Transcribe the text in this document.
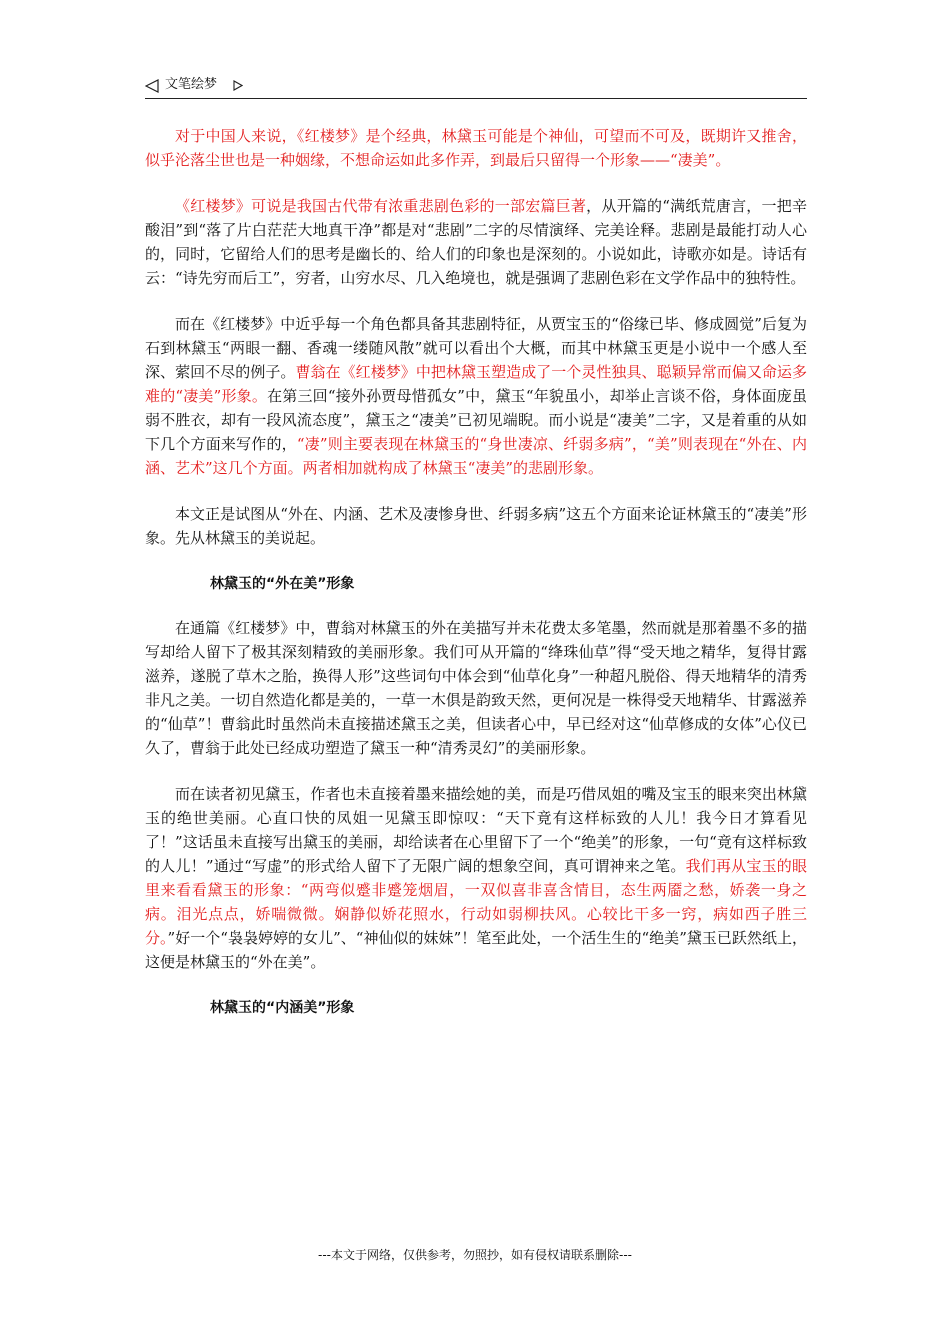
文笔绘梦

对于中国人来说，《红楼梦》是个经典，林黛玉可能是个神仙，可望而不可及，既期许又推舍，似乎沦落尘世也是一种姻缘，不想命运如此多作弄，到最后只留得一个形象——“凄美”。

《红楼梦》可说是我国古代带有浓重悲剧色彩的一部宏篇巨著，从开篇的“满纸荒唐言，一把辛酸泪”到“落了片白茫茫大地真干净”都是对“悲剧”二字的尽情演绎、完美诠释。悲剧是最能打动人心的，同时，它留给人们的思考是幽长的、给人们的印象也是深刻的。小说如此，诗歌亦如是。诗话有云：“诗先穷而后工”，穷者，山穷水尽、几入绝境也，就是强调了悲剧色彩在文学作品中的独特性。

而在《红楼梦》中近乎每一个角色都具备其悲剧特征，从贾宝玉的“俗缘已毕、修成圆觉”后复为石到林黛玉“两眼一翻、香魂一缕随风散”就可以看出个大概，而其中林黛玉更是小说中一个感人至深、萦回不尽的例子。曹翁在《红楼梦》中把林黛玉塑造成了一个灵性独具、聪颖异常而偏又命运多难的“凄美”形象。在第三回“接外孙贾母惜孤女”中，黛玉“年貌虽小，却举止言谈不俗，身体面庞虽弱不胜衣，却有一段风流态度”，黛玉之“凄美”已初见端睨。而小说是“凄美”二字，又是着重的从如下几个方面来写作的，“凄”则主要表现在林黛玉的“身世凄凉、纤弱多病”，“美”则表现在“外在、内涵、艺术”这几个方面。两者相加就构成了林黛玉“凄美”的悲剧形象。

本文正是试图从“外在、内涵、艺术及凄惨身世、纤弱多病”这五个方面来论证林黛玉的“凄美”形象。先从林黛玉的美说起。

林黛玉的“外在美”形象

在通篇《红楼梦》中，曹翁对林黛玉的外在美描写并未花费太多笔墨，然而就是那着墨不多的描写却给人留下了极其深刻精致的美丽形象。我们可从开篇的“绛珠仙草”得“受天地之精华，复得甘露滋养，遂脱了草木之胎，换得人形”这些词句中体会到“仙草化身”一种超凡脱俗、得天地精华的清秀非凡之美。一切自然造化都是美的，一草一木俱是韵致天然，更何况是一株得受天地精华、甘露滋养的“仙草”！曹翁此时虽然尚未直接描述黛玉之美，但读者心中，早已经对这“仙草修成的女体”心仪已久了，曹翁于此处已经成功塑造了黛玉一种“清秀灵幻”的美丽形象。

而在读者初见黛玉，作者也未直接着墨来描绘她的美，而是巧借凤姐的嘴及宝玉的眼来突出林黛玉的绝世美丽。心直口快的凤姐一见黛玉即惊叹：“天下竟有这样标致的人儿！我今日才算看见了！”这话虽未直接写出黛玉的美丽，却给读者在心里留下了一个“绝美”的形象，一句“竟有这样标致的人儿！”通过“写虚”的形式给人留下了无限广阔的想象空间，真可谓神来之笔。我们再从宝玉的眼里来看看黛玉的形象：“两弯似蹙非蹙笼烟眉，一双似喜非喜含情目，态生两靥之愁，娇袭一身之病。泪光点点，娇喘微微。娴静似娇花照水，行动如弱柳扶风。心较比干多一窍，病如西子胜三分。”好一个“袅袅婷婷的女儿”、“神仙似的妹妹”！笔至此处，一个活生生的“绝美”黛玉已跃然纸上，这便是林黛玉的“外在美”。

林黛玉的“内涵美”形象
---本文于网络，仅供参考，勿照抄，如有侵权请联系删除---
